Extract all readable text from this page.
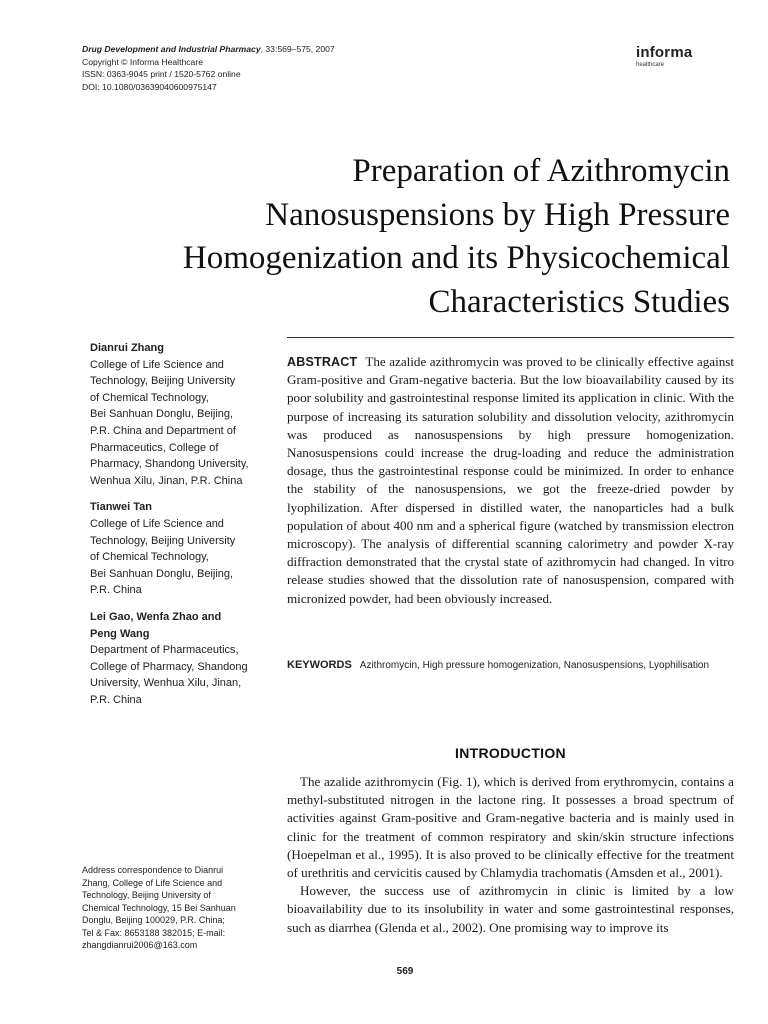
Drug Development and Industrial Pharmacy, 33:569–575, 2007
Copyright © Informa Healthcare
ISSN: 0363-9045 print / 1520-5762 online
DOI: 10.1080/03639040600975147
informa
healthcare
Preparation of Azithromycin
Nanosuspensions by High Pressure
Homogenization and its Physicochemical
Characteristics Studies
Dianrui Zhang
College of Life Science and
Technology, Beijing University
of Chemical Technology,
Bei Sanhuan Donglu, Beijing,
P.R. China and Department of
Pharmaceutics, College of
Pharmacy, Shandong University,
Wenhua Xilu, Jinan, P.R. China
Tianwei Tan
College of Life Science and
Technology, Beijing University
of Chemical Technology,
Bei Sanhuan Donglu, Beijing,
P.R. China
Lei Gao, Wenfa Zhao and
Peng Wang
Department of Pharmaceutics,
College of Pharmacy, Shandong
University, Wenhua Xilu, Jinan,
P.R. China
Address correspondence to Dianrui
Zhang, College of Life Science and
Technology, Beijing University of
Chemical Technology, 15 Bei Sanhuan
Donglu, Beijing 100029, P.R. China;
Tel & Fax: 8653188 382015; E-mail:
zhangdianrui2006@163.com
ABSTRACT The azalide azithromycin was proved to be clinically effective against Gram-positive and Gram-negative bacteria. But the low bioavailability caused by its poor solubility and gastrointestinal response limited its application in clinic. With the purpose of increasing its saturation solubility and dissolution velocity, azithromycin was produced as nanosuspensions by high pressure homogenization. Nanosuspensions could increase the drug-loading and reduce the administration dosage, thus the gastrointestinal response could be minimized. In order to enhance the stability of the nanosuspensions, we got the freeze-dried powder by lyophilization. After dispersed in distilled water, the nanoparticles had a bulk population of about 400 nm and a spherical figure (watched by transmission electron microscopy). The analysis of differential scanning calorimetry and powder X-ray diffraction demonstrated that the crystal state of azithromycin had changed. In vitro release studies showed that the dissolution rate of nanosuspension, compared with micronized powder, had been obviously increased.
KEYWORDS Azithromycin, High pressure homogenization, Nanosuspensions, Lyophilisation
INTRODUCTION

The azalide azithromycin (Fig. 1), which is derived from erythromycin, contains a methyl-substituted nitrogen in the lactone ring. It possesses a broad spectrum of activities against Gram-positive and Gram-negative bacteria and is mainly used in clinic for the treatment of common respiratory and skin/skin structure infections (Hoepelman et al., 1995). It is also proved to be clinically effective for the treatment of urethritis and cervicitis caused by Chlamydia trachomatis (Amsden et al., 2001).

However, the success use of azithromycin in clinic is limited by a low bioavailability due to its insolubility in water and some gastrointestinal responses, such as diarrhea (Glenda et al., 2002). One promising way to improve its

569
